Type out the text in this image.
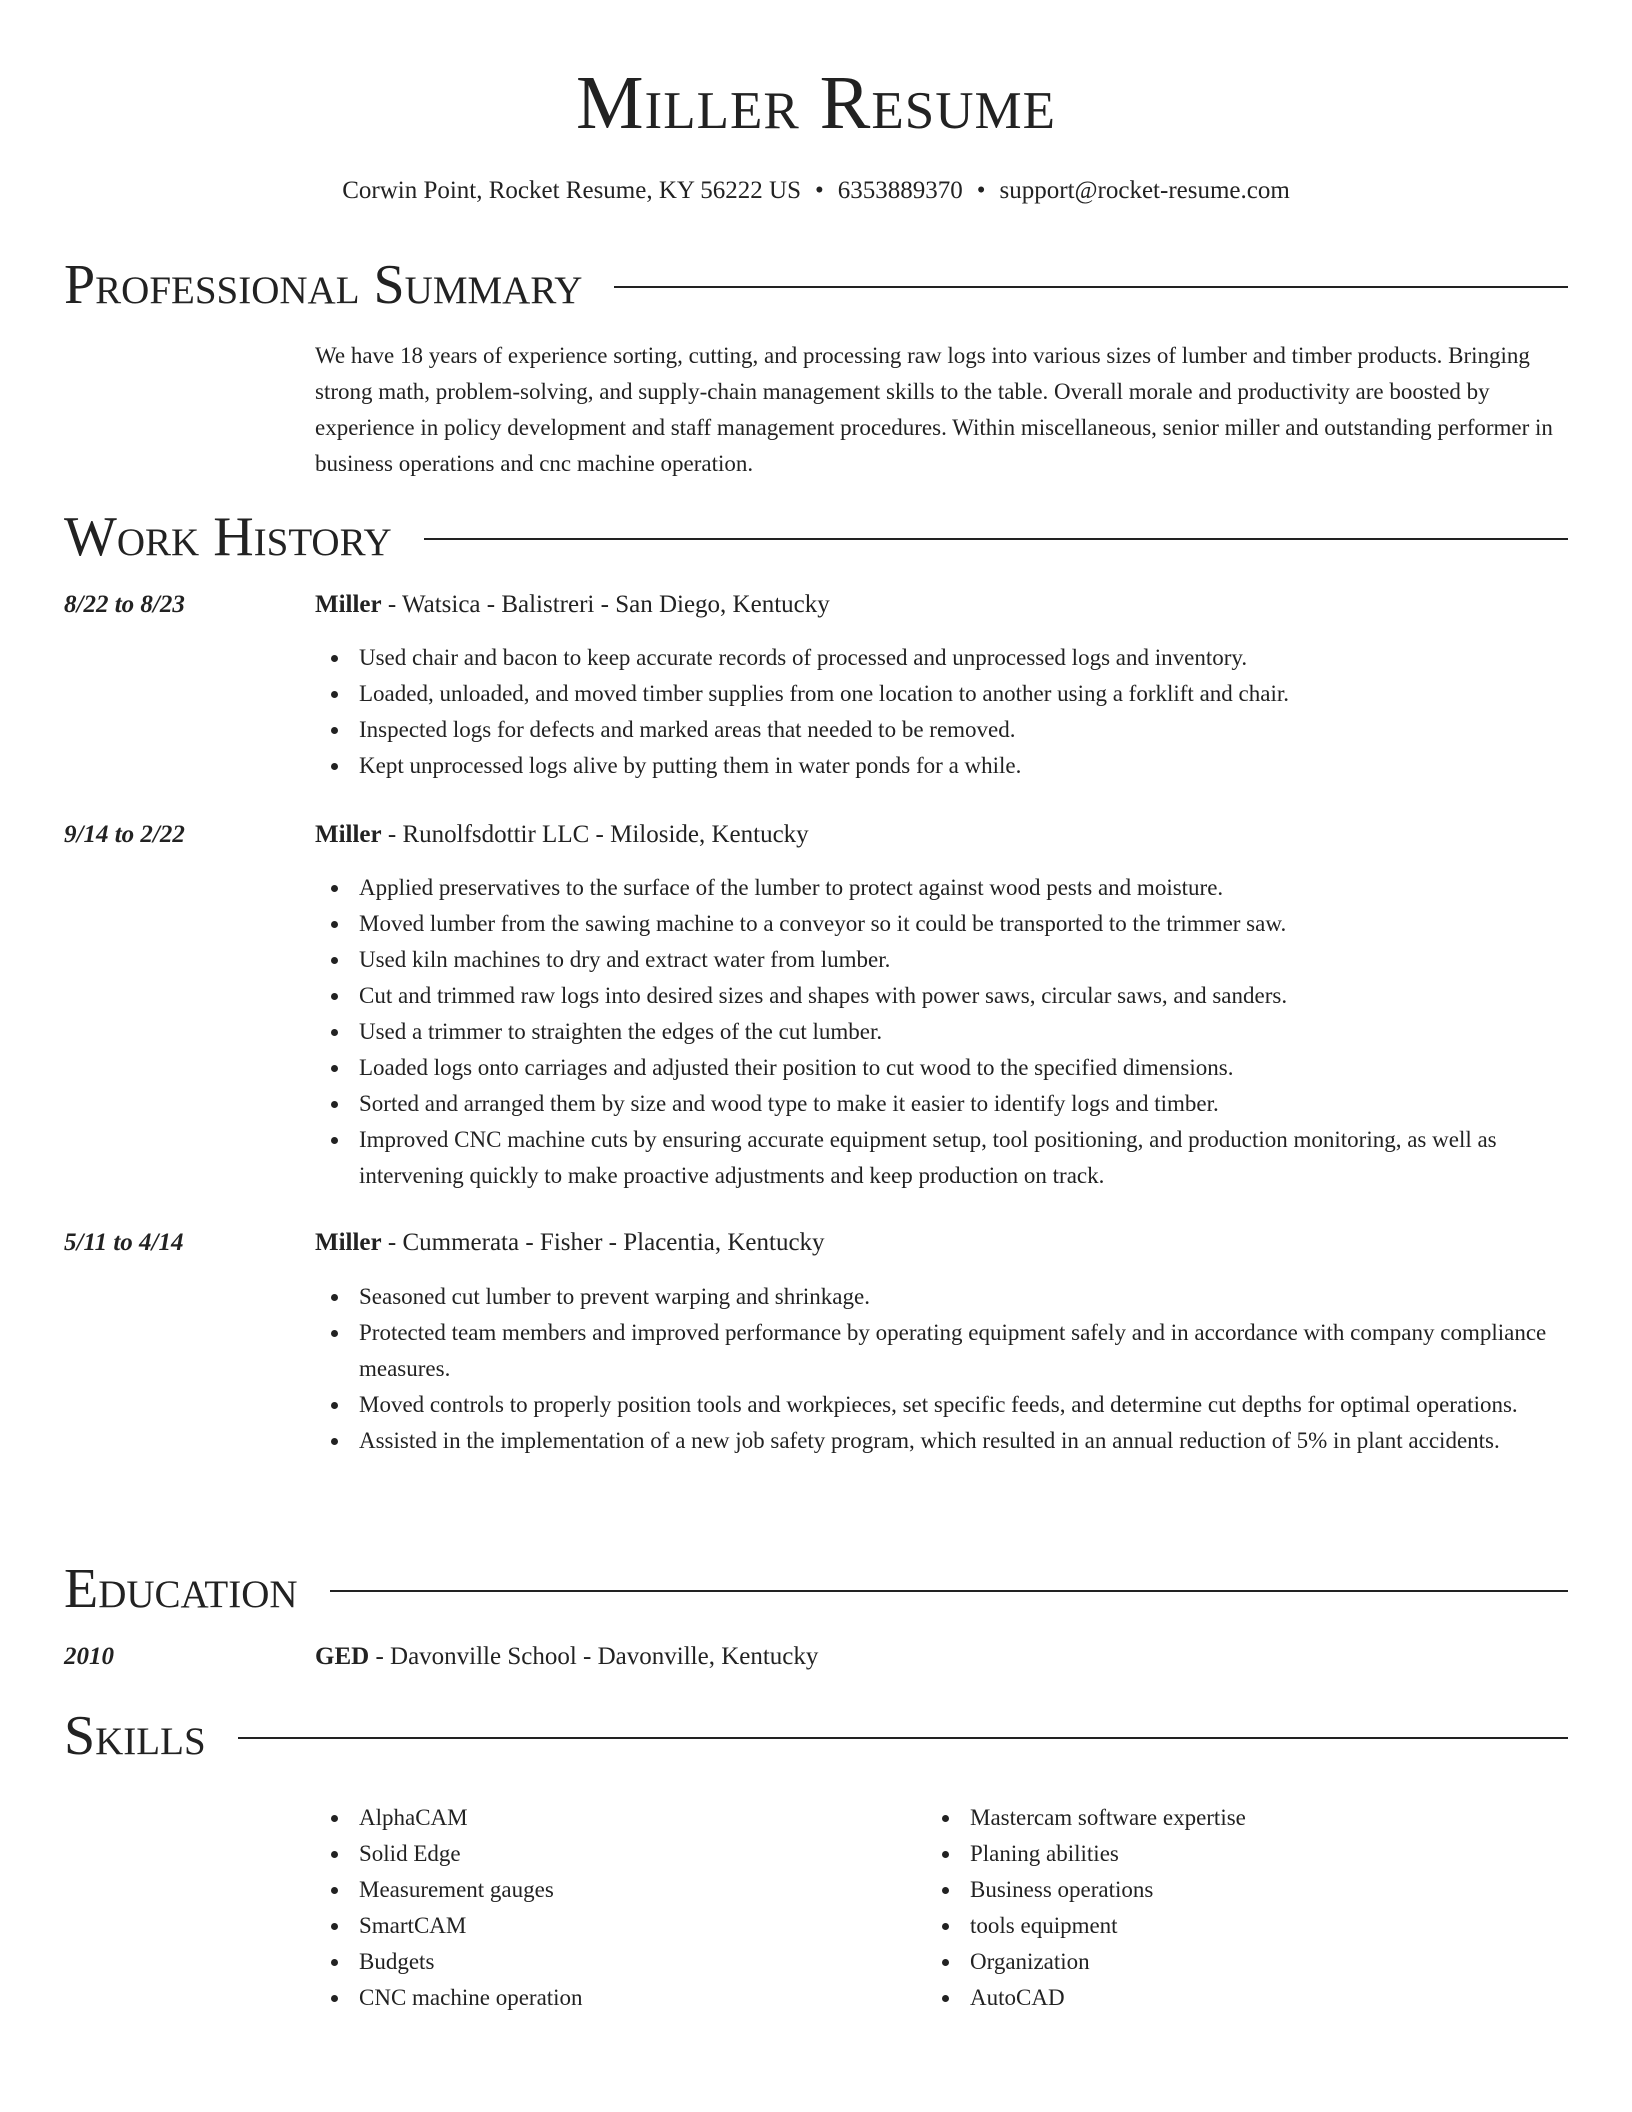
Miller Resume
Corwin Point, Rocket Resume, KY 56222 US • 6353889370 • support@rocket-resume.com
Professional Summary
We have 18 years of experience sorting, cutting, and processing raw logs into various sizes of lumber and timber products. Bringing strong math, problem-solving, and supply-chain management skills to the table. Overall morale and productivity are boosted by experience in policy development and staff management procedures. Within miscellaneous, senior miller and outstanding performer in business operations and cnc machine operation.
Work History
8/22 to 8/23	Miller - Watsica - Balistreri - San Diego, Kentucky
Used chair and bacon to keep accurate records of processed and unprocessed logs and inventory.
Loaded, unloaded, and moved timber supplies from one location to another using a forklift and chair.
Inspected logs for defects and marked areas that needed to be removed.
Kept unprocessed logs alive by putting them in water ponds for a while.
9/14 to 2/22	Miller - Runolfsdottir LLC - Miloside, Kentucky
Applied preservatives to the surface of the lumber to protect against wood pests and moisture.
Moved lumber from the sawing machine to a conveyor so it could be transported to the trimmer saw.
Used kiln machines to dry and extract water from lumber.
Cut and trimmed raw logs into desired sizes and shapes with power saws, circular saws, and sanders.
Used a trimmer to straighten the edges of the cut lumber.
Loaded logs onto carriages and adjusted their position to cut wood to the specified dimensions.
Sorted and arranged them by size and wood type to make it easier to identify logs and timber.
Improved CNC machine cuts by ensuring accurate equipment setup, tool positioning, and production monitoring, as well as intervening quickly to make proactive adjustments and keep production on track.
5/11 to 4/14	Miller - Cummerata - Fisher - Placentia, Kentucky
Seasoned cut lumber to prevent warping and shrinkage.
Protected team members and improved performance by operating equipment safely and in accordance with company compliance measures.
Moved controls to properly position tools and workpieces, set specific feeds, and determine cut depths for optimal operations.
Assisted in the implementation of a new job safety program, which resulted in an annual reduction of 5% in plant accidents.
Education
2010	GED - Davonville School - Davonville, Kentucky
Skills
AlphaCAM
Solid Edge
Measurement gauges
SmartCAM
Budgets
CNC machine operation
Mastercam software expertise
Planing abilities
Business operations
tools equipment
Organization
AutoCAD
